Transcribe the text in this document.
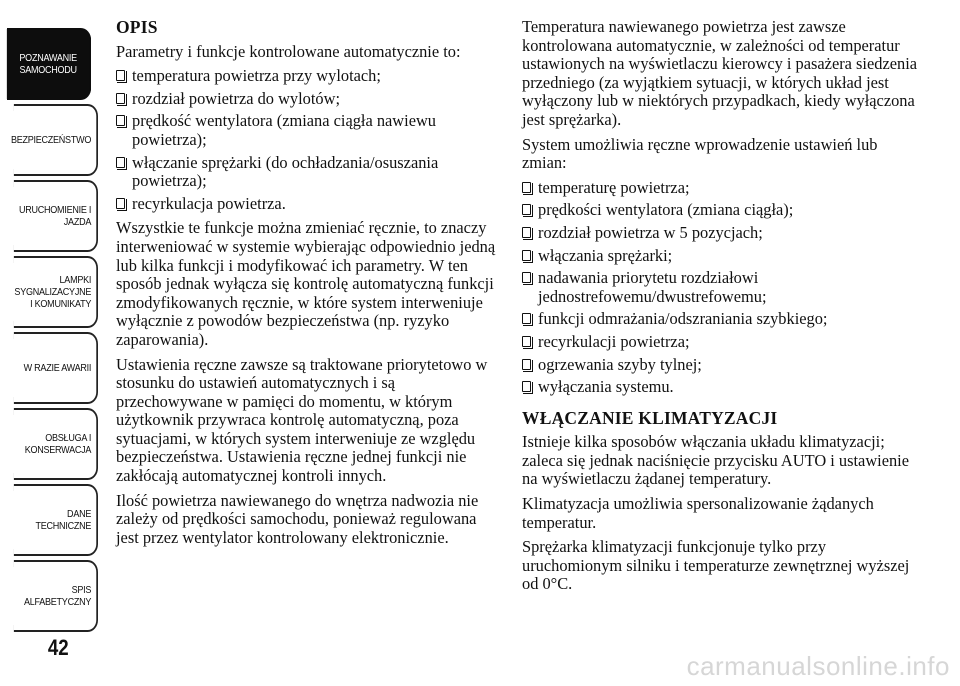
POZNAWANIE
SAMOCHODU
BEZPIECZEŃSTWO
URUCHOMIENIE I
JAZDA
LAMPKI
SYGNALIZACYJNE
I KOMUNIKATY
W RAZIE AWARII
OBSŁUGA I
KONSERWACJA
DANE
TECHNICZNE
SPIS
ALFABETYCZNY
42
OPIS

Parametry i funkcje kontrolowane automatycznie to:

temperatura powietrza przy wylotach;
rozdział powietrza do wylotów;
prędkość wentylatora (zmiana ciągła nawiewu powietrza);
włączanie sprężarki (do ochładzania/osuszania powietrza);
recyrkulacja powietrza.

Wszystkie te funkcje można zmieniać ręcznie, to znaczy interweniować w systemie wybierając odpowiednio jedną lub kilka funkcji i modyfikować ich parametry. W ten sposób jednak wyłącza się kontrolę automatyczną funkcji zmodyfikowanych ręcznie, w które system interweniuje wyłącznie z powodów bezpieczeństwa (np. ryzyko zaparowania).

Ustawienia ręczne zawsze są traktowane priorytetowo w stosunku do ustawień automatycznych i są przechowywane w pamięci do momentu, w którym użytkownik przywraca kontrolę automatyczną, poza sytuacjami, w których system interweniuje ze względu bezpieczeństwa. Ustawienia ręczne jednej funkcji nie zakłócają automatycznej kontroli innych.

Ilość powietrza nawiewanego do wnętrza nadwozia nie zależy od prędkości samochodu, ponieważ regulowana jest przez wentylator kontrolowany elektronicznie.

Temperatura nawiewanego powietrza jest zawsze kontrolowana automatycznie, w zależności od temperatur ustawionych na wyświetlaczu kierowcy i pasażera siedzenia przedniego (za wyjątkiem sytuacji, w których układ jest wyłączony lub w niektórych przypadkach, kiedy wyłączona jest sprężarka).

System umożliwia ręczne wprowadzenie ustawień lub zmian:

temperaturę powietrza;
prędkości wentylatora (zmiana ciągła);
rozdział powietrza w 5 pozycjach;
włączania sprężarki;
nadawania priorytetu rozdziałowi jednostrefowemu/dwustrefowemu;
funkcji odmrażania/odszraniania szybkiego;
recyrkulacji powietrza;
ogrzewania szyby tylnej;
wyłączania systemu.
WŁĄCZANIE KLIMATYZACJI

Istnieje kilka sposobów włączania układu klimatyzacji; zaleca się jednak naciśnięcie przycisku AUTO i ustawienie na wyświetlaczu żądanej temperatury.

Klimatyzacja umożliwia spersonalizowanie żądanych temperatur.

Sprężarka klimatyzacji funkcjonuje tylko przy uruchomionym silniku i temperaturze zewnętrznej wyższej od 0°C.

carmanualsonline.info
